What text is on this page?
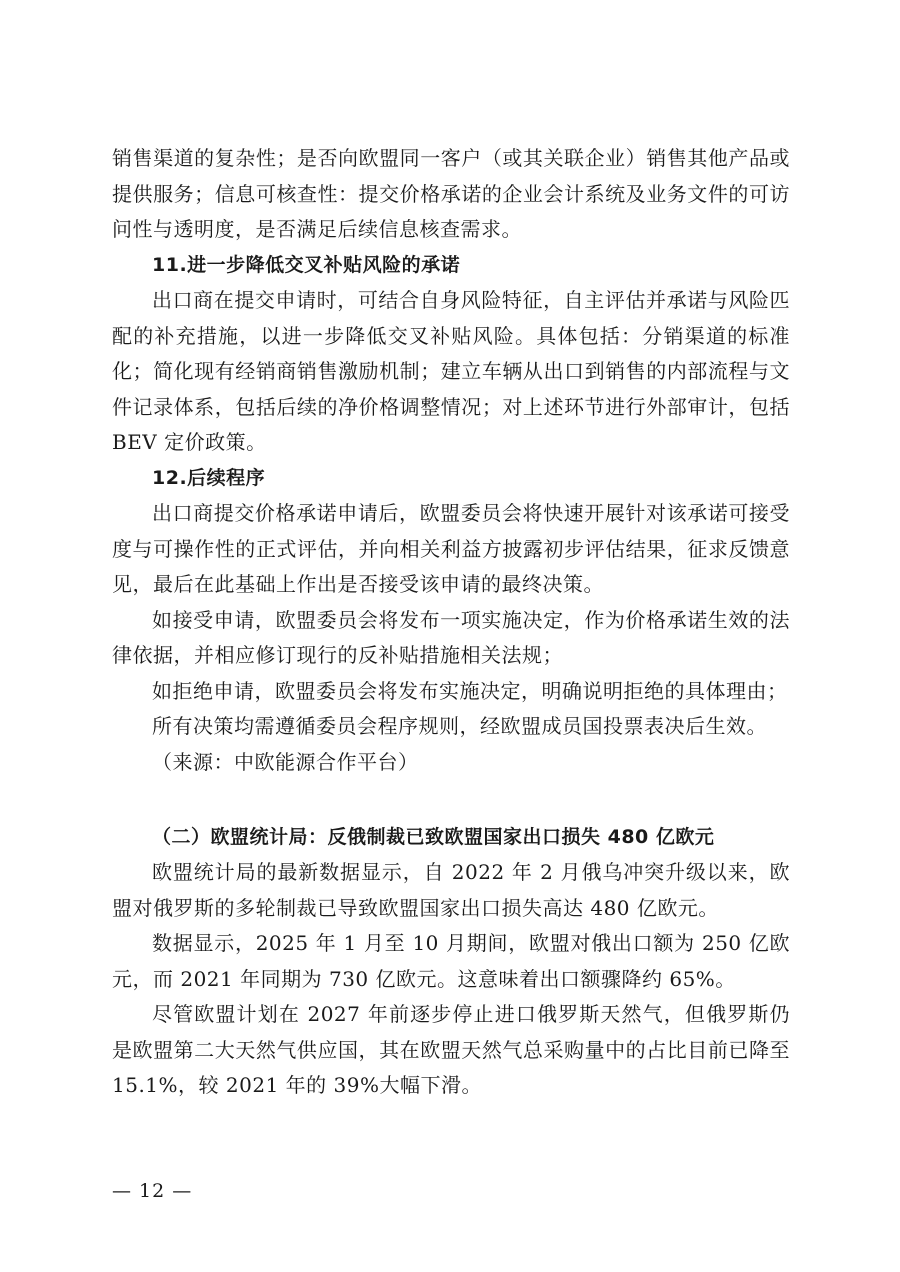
销售渠道的复杂性；是否向欧盟同一客户（或其关联企业）销售其他产品或提供服务；信息可核查性：提交价格承诺的企业会计系统及业务文件的可访问性与透明度，是否满足后续信息核查需求。

11.进一步降低交叉补贴风险的承诺

出口商在提交申请时，可结合自身风险特征，自主评估并承诺与风险匹配的补充措施，以进一步降低交叉补贴风险。具体包括：分销渠道的标准化；简化现有经销商销售激励机制；建立车辆从出口到销售的内部流程与文件记录体系，包括后续的净价格调整情况；对上述环节进行外部审计，包括 BEV 定价政策。

12.后续程序

出口商提交价格承诺申请后，欧盟委员会将快速开展针对该承诺可接受度与可操作性的正式评估，并向相关利益方披露初步评估结果，征求反馈意见，最后在此基础上作出是否接受该申请的最终决策。

如接受申请，欧盟委员会将发布一项实施决定，作为价格承诺生效的法律依据，并相应修订现行的反补贴措施相关法规；

如拒绝申请，欧盟委员会将发布实施决定，明确说明拒绝的具体理由；

所有决策均需遵循委员会程序规则，经欧盟成员国投票表决后生效。

（来源：中欧能源合作平台）

（二）欧盟统计局：反俄制裁已致欧盟国家出口损失 480 亿欧元

欧盟统计局的最新数据显示，自 2022 年 2 月俄乌冲突升级以来，欧盟对俄罗斯的多轮制裁已导致欧盟国家出口损失高达 480 亿欧元。

数据显示，2025 年 1 月至 10 月期间，欧盟对俄出口额为 250 亿欧元，而 2021 年同期为 730 亿欧元。这意味着出口额骤降约 65%。

尽管欧盟计划在 2027 年前逐步停止进口俄罗斯天然气，但俄罗斯仍是欧盟第二大天然气供应国，其在欧盟天然气总采购量中的占比目前已降至 15.1%，较 2021 年的 39%大幅下滑。

— 12 —
